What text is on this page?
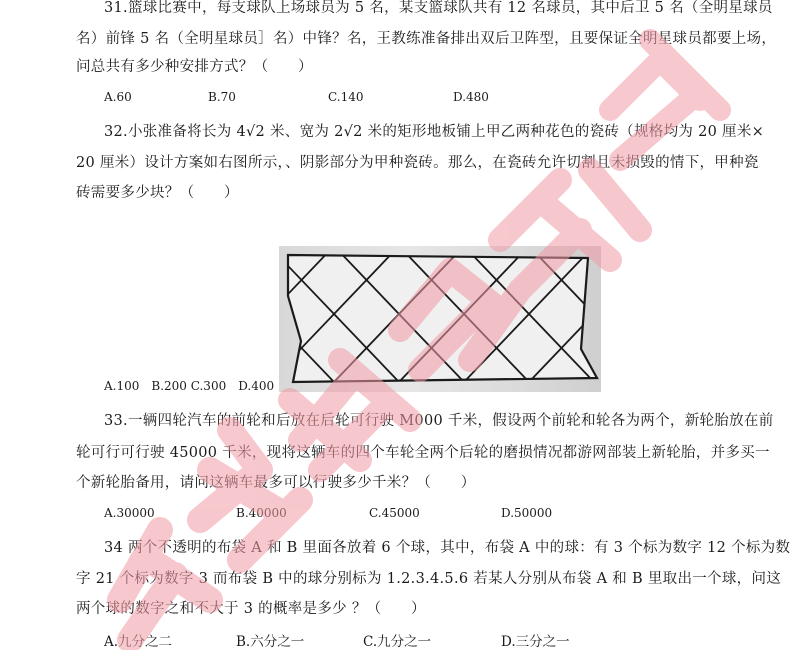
31.篮球比赛中，每支球队上场球员为 5 名，某支篮球队共有 12 名球员，其中后卫 5 名（全明星球员
名）前锋 5 名（全明星球员］名）中锋？名，王教练准备排出双后卫阵型，且要保证全明星球员都要上场，
问总共有多少种安排方式？（　　）
A.60	B.70	C.140	D.480
32.小张准备将长为 4√2 米、宽为 2√2 米的矩形地板铺上甲乙两种花色的瓷砖（规格均为 20 厘米×
20 厘米）设计方案如右图所示，、阴影部分为甲种瓷砖。那么，在瓷砖允许切割且未损毁的情下，甲种瓷
砖需要多少块？（　　）
A.100　B.200 C.300　D.400
33.一辆四轮汽车的前轮和后放在后轮可行驶 M000 千米，假设两个前轮和轮各为两个，新轮胎放在前
轮可行可行驶 45000 千米，现将这辆车的四个车轮全两个后轮的磨损情况都游网部装上新轮胎，并多买一
个新轮胎备用，请问这辆车最多可以行驶多少千米？（　　）
A.30000	B.40000	C.45000	D.50000
34 两个不透明的布袋 A 和 B 里面各放着 6 个球，其中，布袋 A 中的球：有 3 个标为数字 12 个标为数
字 21 个标为数字 3 而布袋 B 中的球分别标为 1.2.3.4.5.6 若某人分别从布袋 A 和 B 里取出一个球，问这
两个球的数字之和不大于 3 的概率是多少 ？（　　）
A.九分之二	B.六分之一	C.九分之一	D.三分之一
